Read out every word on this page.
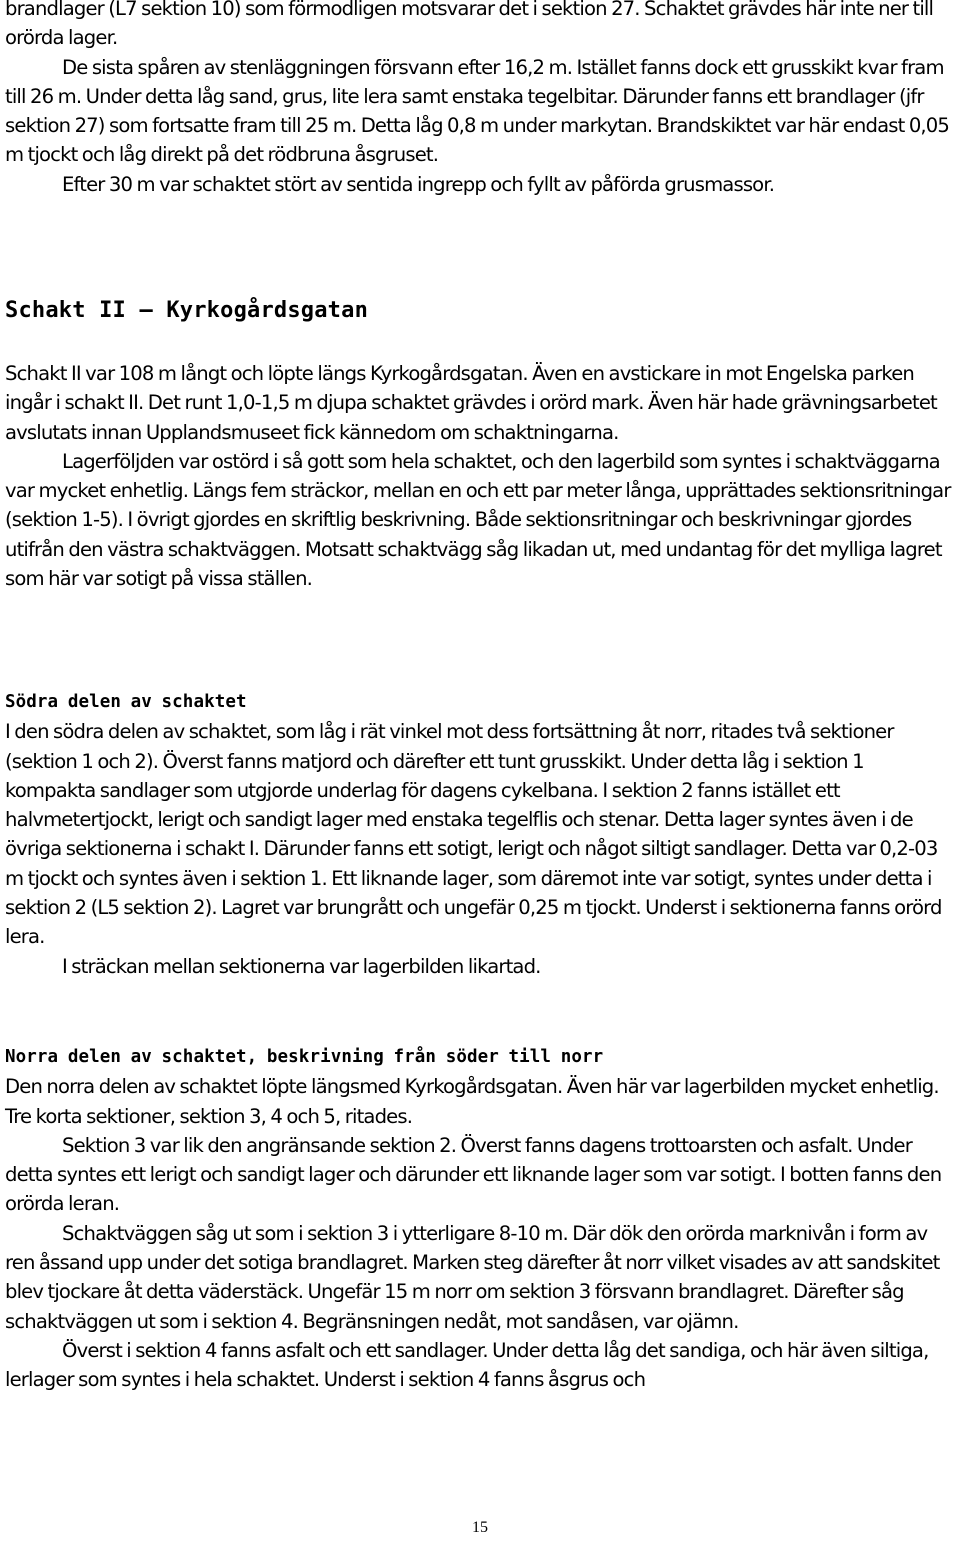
brandlager (L7 sektion 10) som förmodligen motsvarar det i sektion 27. Schaktet grävdes här inte ner till orörda lager.

De sista spåren av stenläggningen försvann efter 16,2 m. Istället fanns dock ett grusskikt kvar fram till 26 m. Under detta låg sand, grus, lite lera samt enstaka tegelbitar. Därunder fanns ett brandlager (jfr sektion 27) som fortsatte fram till 25 m. Detta låg 0,8 m under markytan. Brandskiktet var här endast 0,05 m tjockt och låg direkt på det rödbruna åsgruset.

Efter 30 m var schaktet stört av sentida ingrepp och fyllt av påförda grusmassor.

Schakt II – Kyrkogårdsgatan

Schakt II var 108 m långt och löpte längs Kyrkogårdsgatan. Även en avstickare in mot Engelska parken ingår i schakt II. Det runt 1,0-1,5 m djupa schaktet grävdes i orörd mark. Även här hade grävningsarbetet avslutats innan Upplandsmuseet fick kännedom om schaktningarna.

Lagerföljden var ostörd i så gott som hela schaktet, och den lagerbild som syntes i schaktväggarna var mycket enhetlig. Längs fem sträckor, mellan en och ett par meter långa, upprättades sektionsritningar (sektion 1-5). I övrigt gjordes en skriftlig beskrivning. Både sektionsritningar och beskrivningar gjordes utifrån den västra schaktväggen. Motsatt schaktvägg såg likadan ut, med undantag för det mylliga lagret som här var sotigt på vissa ställen.

Södra delen av schaktet

I den södra delen av schaktet, som låg i rät vinkel mot dess fortsättning åt norr, ritades två sektioner (sektion 1 och 2). Överst fanns matjord och därefter ett tunt grusskikt. Under detta låg i sektion 1 kompakta sandlager som utgjorde underlag för dagens cykelbana. I sektion 2 fanns istället ett halvmetertjockt, lerigt och sandigt lager med enstaka tegelflis och stenar. Detta lager syntes även i de övriga sektionerna i schakt I. Därunder fanns ett sotigt, lerigt och något siltigt sandlager. Detta var 0,2-03 m tjockt och syntes även i sektion 1. Ett liknande lager, som däremot inte var sotigt, syntes under detta i sektion 2 (L5 sektion 2). Lagret var brungrått och ungefär 0,25 m tjockt. Underst i sektionerna fanns orörd lera.

I sträckan mellan sektionerna var lagerbilden likartad.

Norra delen av schaktet, beskrivning från söder till norr

Den norra delen av schaktet löpte längsmed Kyrkogårdsgatan. Även här var lagerbilden mycket enhetlig. Tre korta sektioner, sektion 3, 4 och 5, ritades.

Sektion 3 var lik den angränsande sektion 2. Överst fanns dagens trottoarsten och asfalt. Under detta syntes ett lerigt och sandigt lager och därunder ett liknande lager som var sotigt. I botten fanns den orörda leran.

Schaktväggen såg ut som i sektion 3 i ytterligare 8-10 m. Där dök den orörda marknivån i form av ren åssand upp under det sotiga brandlagret. Marken steg därefter åt norr vilket visades av att sandskitet blev tjockare åt detta väderstäck. Ungefär 15 m norr om sektion 3 försvann brandlagret. Därefter såg schaktväggen ut som i sektion 4. Begränsningen nedåt, mot sandåsen, var ojämn.

Överst i sektion 4 fanns asfalt och ett sandlager. Under detta låg det sandiga, och här även siltiga, lerlager som syntes i hela schaktet. Underst i sektion 4 fanns åsgrus och

15
